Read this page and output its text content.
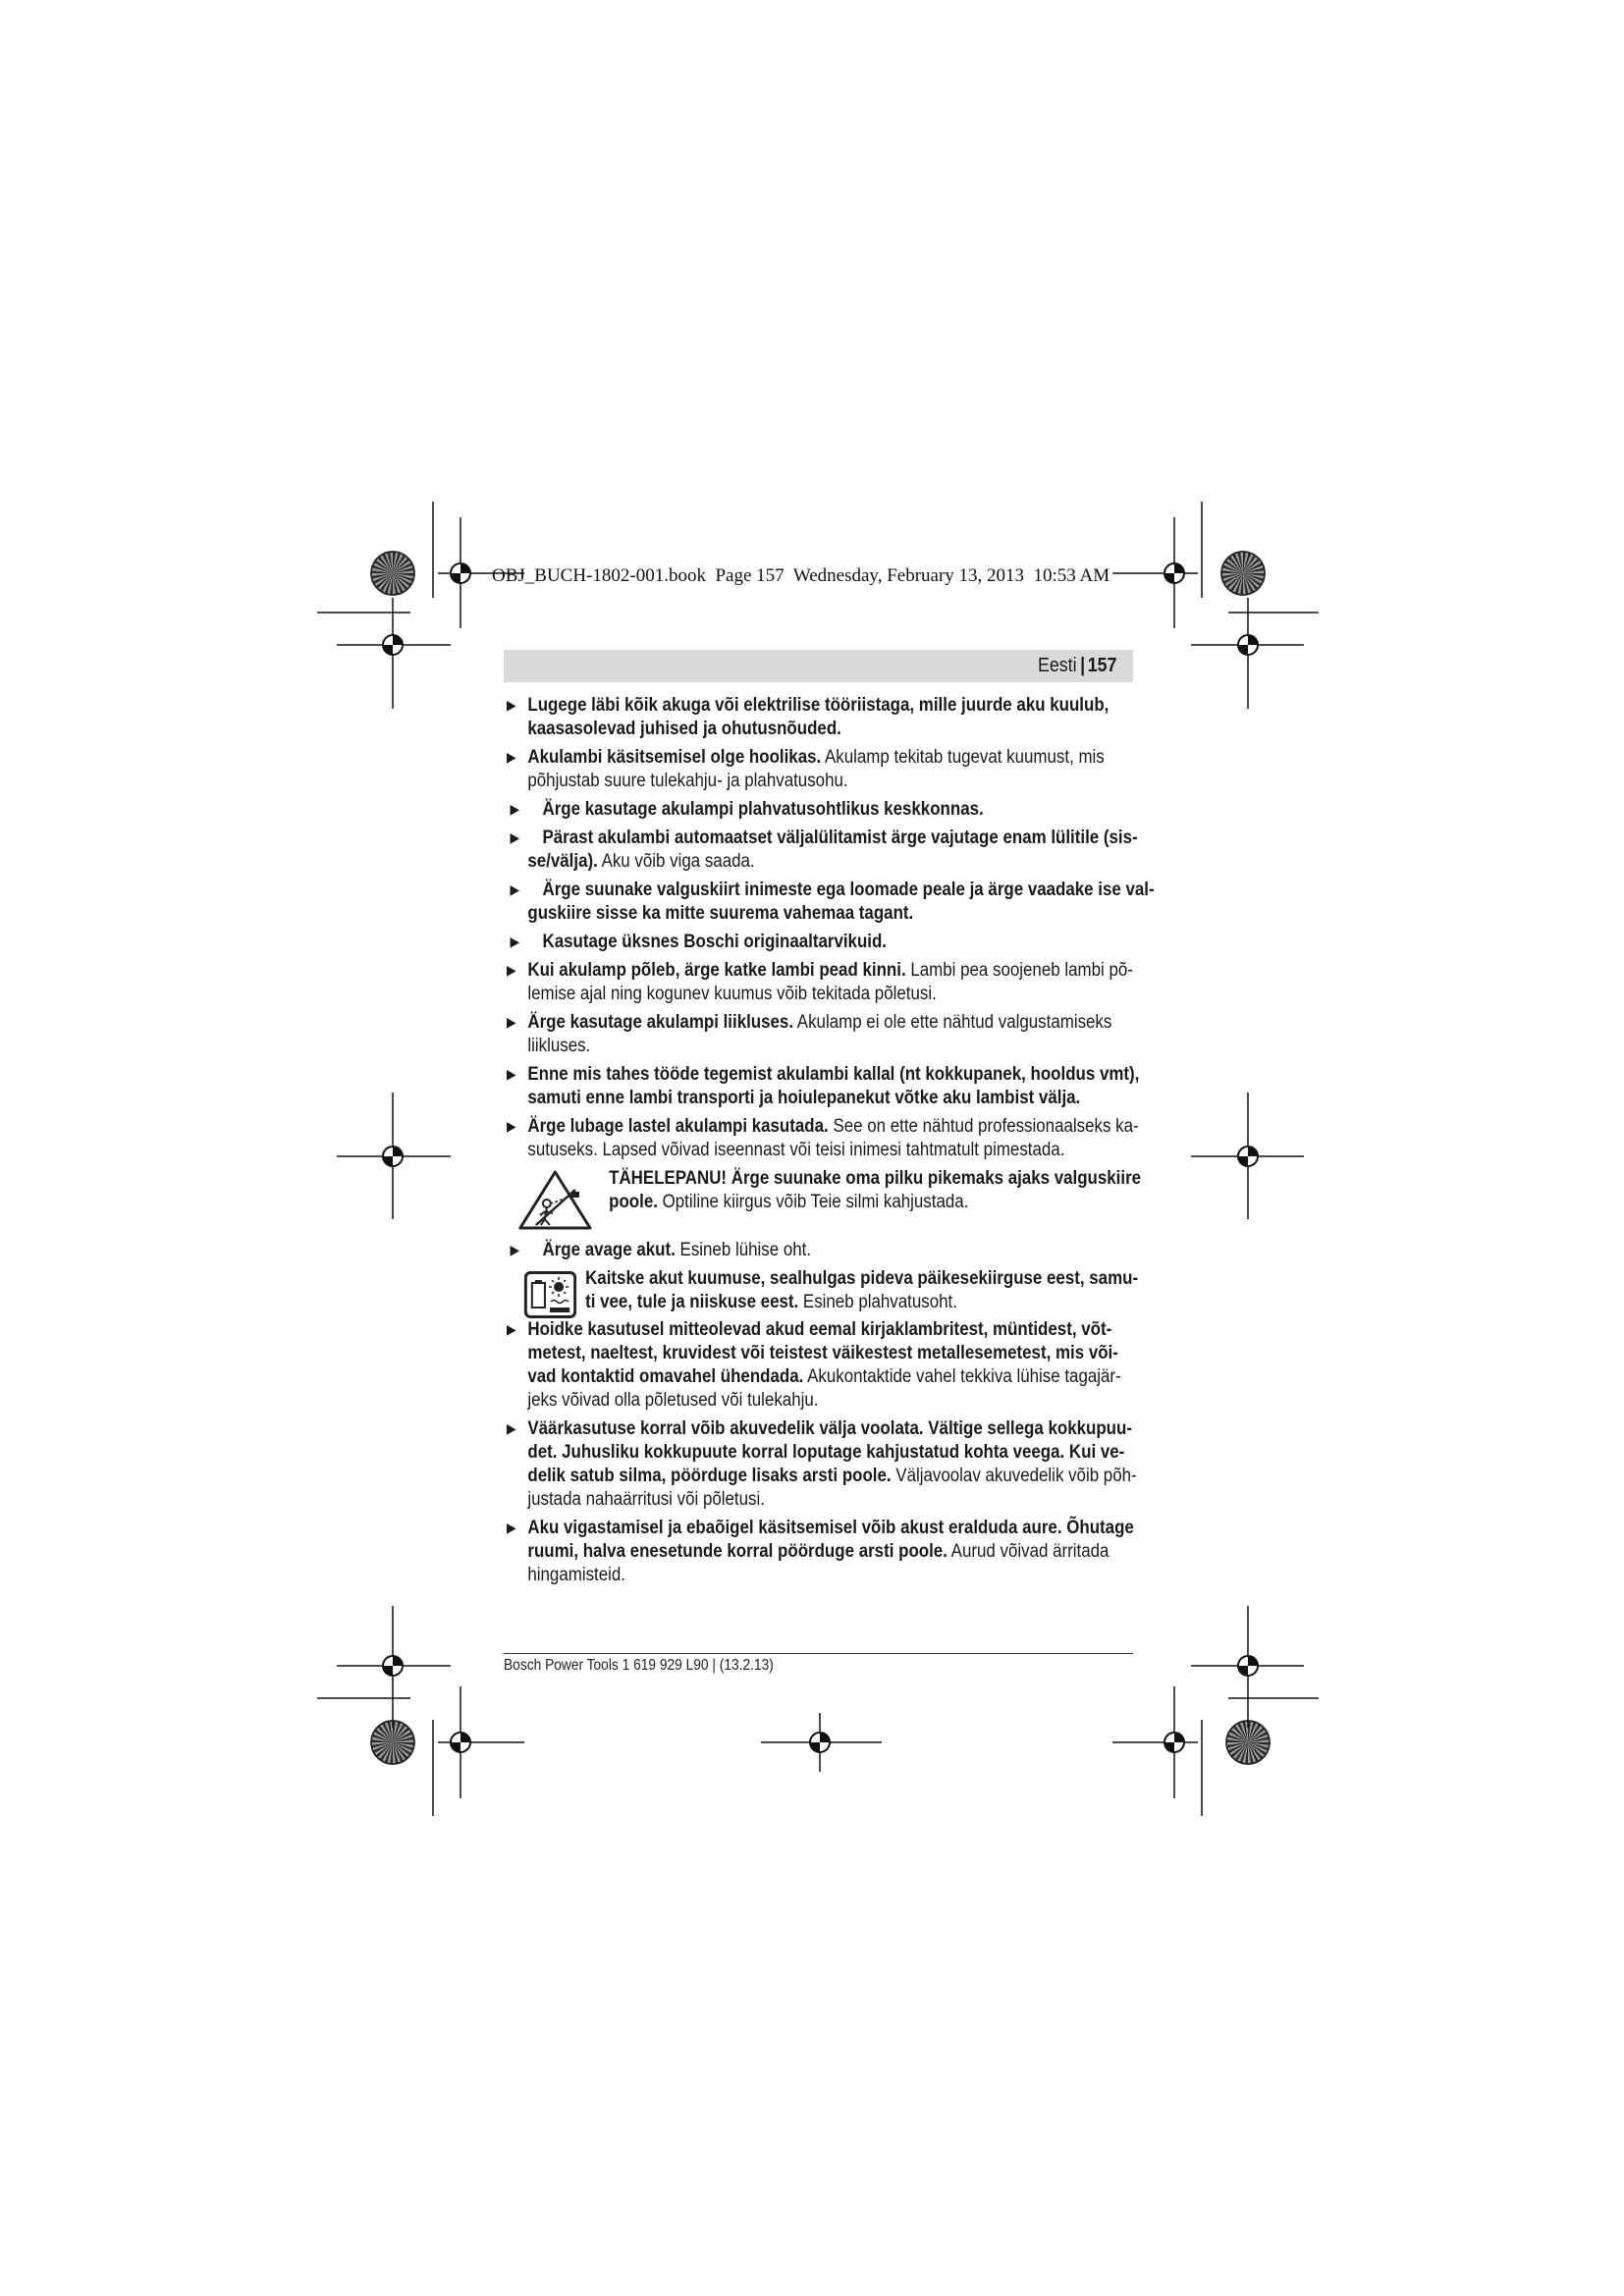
OBJ_BUCH-1802-001.book  Page 157  Wednesday, February 13, 2013  10:53 AM
Eesti | 157
▶ Lugege läbi kõik akuga või elektrilise tööriistaga, mille juurde aku kuulub,
kaasasolevad juhised ja ohutusnõuded.
▶ Akulambi käsitsemisel olge hoolikas. Akulamp tekitab tugevat kuumust, mis
põhjustab suure tulekahju- ja plahvatusohu.
▶ Ärge kasutage akulampi plahvatusohtlikus keskkonnas.
▶ Pärast akulambi automaatset väljalülitamist ärge vajutage enam lülitile (sis-
se/välja). Aku võib viga saada.
▶ Ärge suunake valguskiirt inimeste ega loomade peale ja ärge vaadake ise val-
guskiire sisse ka mitte suurema vahemaa tagant.
▶ Kasutage üksnes Boschi originaaltarvikuid.
▶ Kui akulamp põleb, ärge katke lambi pead kinni. Lambi pea soojeneb lambi põ-
lemise ajal ning kogunev kuumus võib tekitada põletusi.
▶ Ärge kasutage akulampi liikluses. Akulamp ei ole ette nähtud valgustamiseks
liikluses.
▶ Enne mis tahes tööde tegemist akulambi kallal (nt kokkupanek, hooldus vmt),
samuti enne lambi transporti ja hoiulepanekut võtke aku lambist välja.
▶ Ärge lubage lastel akulampi kasutada. See on ette nähtud professionaalseks ka-
sutuseks. Lapsed võivad iseennast või teisi inimesi tahtmatult pimestada.
TÄHELEPANU! Ärge suunake oma pilku pikemaks ajaks valguskiire
poole. Optiline kiirgus võib Teie silmi kahjustada.
▶ Ärge avage akut. Esineb lühise oht.
Kaitske akut kuumuse, sealhulgas pideva päikesekiirguse eest, samu-
ti vee, tule ja niiskuse eest. Esineb plahvatusoht.
▶ Hoidke kasutusel mitteolevad akud eemal kirjaklambritest, müntidest, võt-
metest, naeltest, kruvidest või teistest väikestest metallesemetest, mis või-
vad kontaktid omavahel ühendada. Akukontaktide vahel tekkiva lühise tagajär-
jeks võivad olla põletused või tulekahju.
▶ Väärkasutuse korral võib akuvedelik välja voolata. Vältige sellega kokkupuu-
det. Juhusliku kokkupuute korral loputage kahjustatud kohta veega. Kui ve-
delik satub silma, pöörduge lisaks arsti poole. Väljavoolav akuvedelik võib põh-
justada nahaärritusi või põletusi.
▶ Aku vigastamisel ja ebaõigel käsitsemisel võib akust eralduda aure. Õhutage
ruumi, halva enesetunde korral pöörduge arsti poole. Aurud võivad ärritada
hingamisteid.
Bosch Power Tools 1 619 929 L90 | (13.2.13)
